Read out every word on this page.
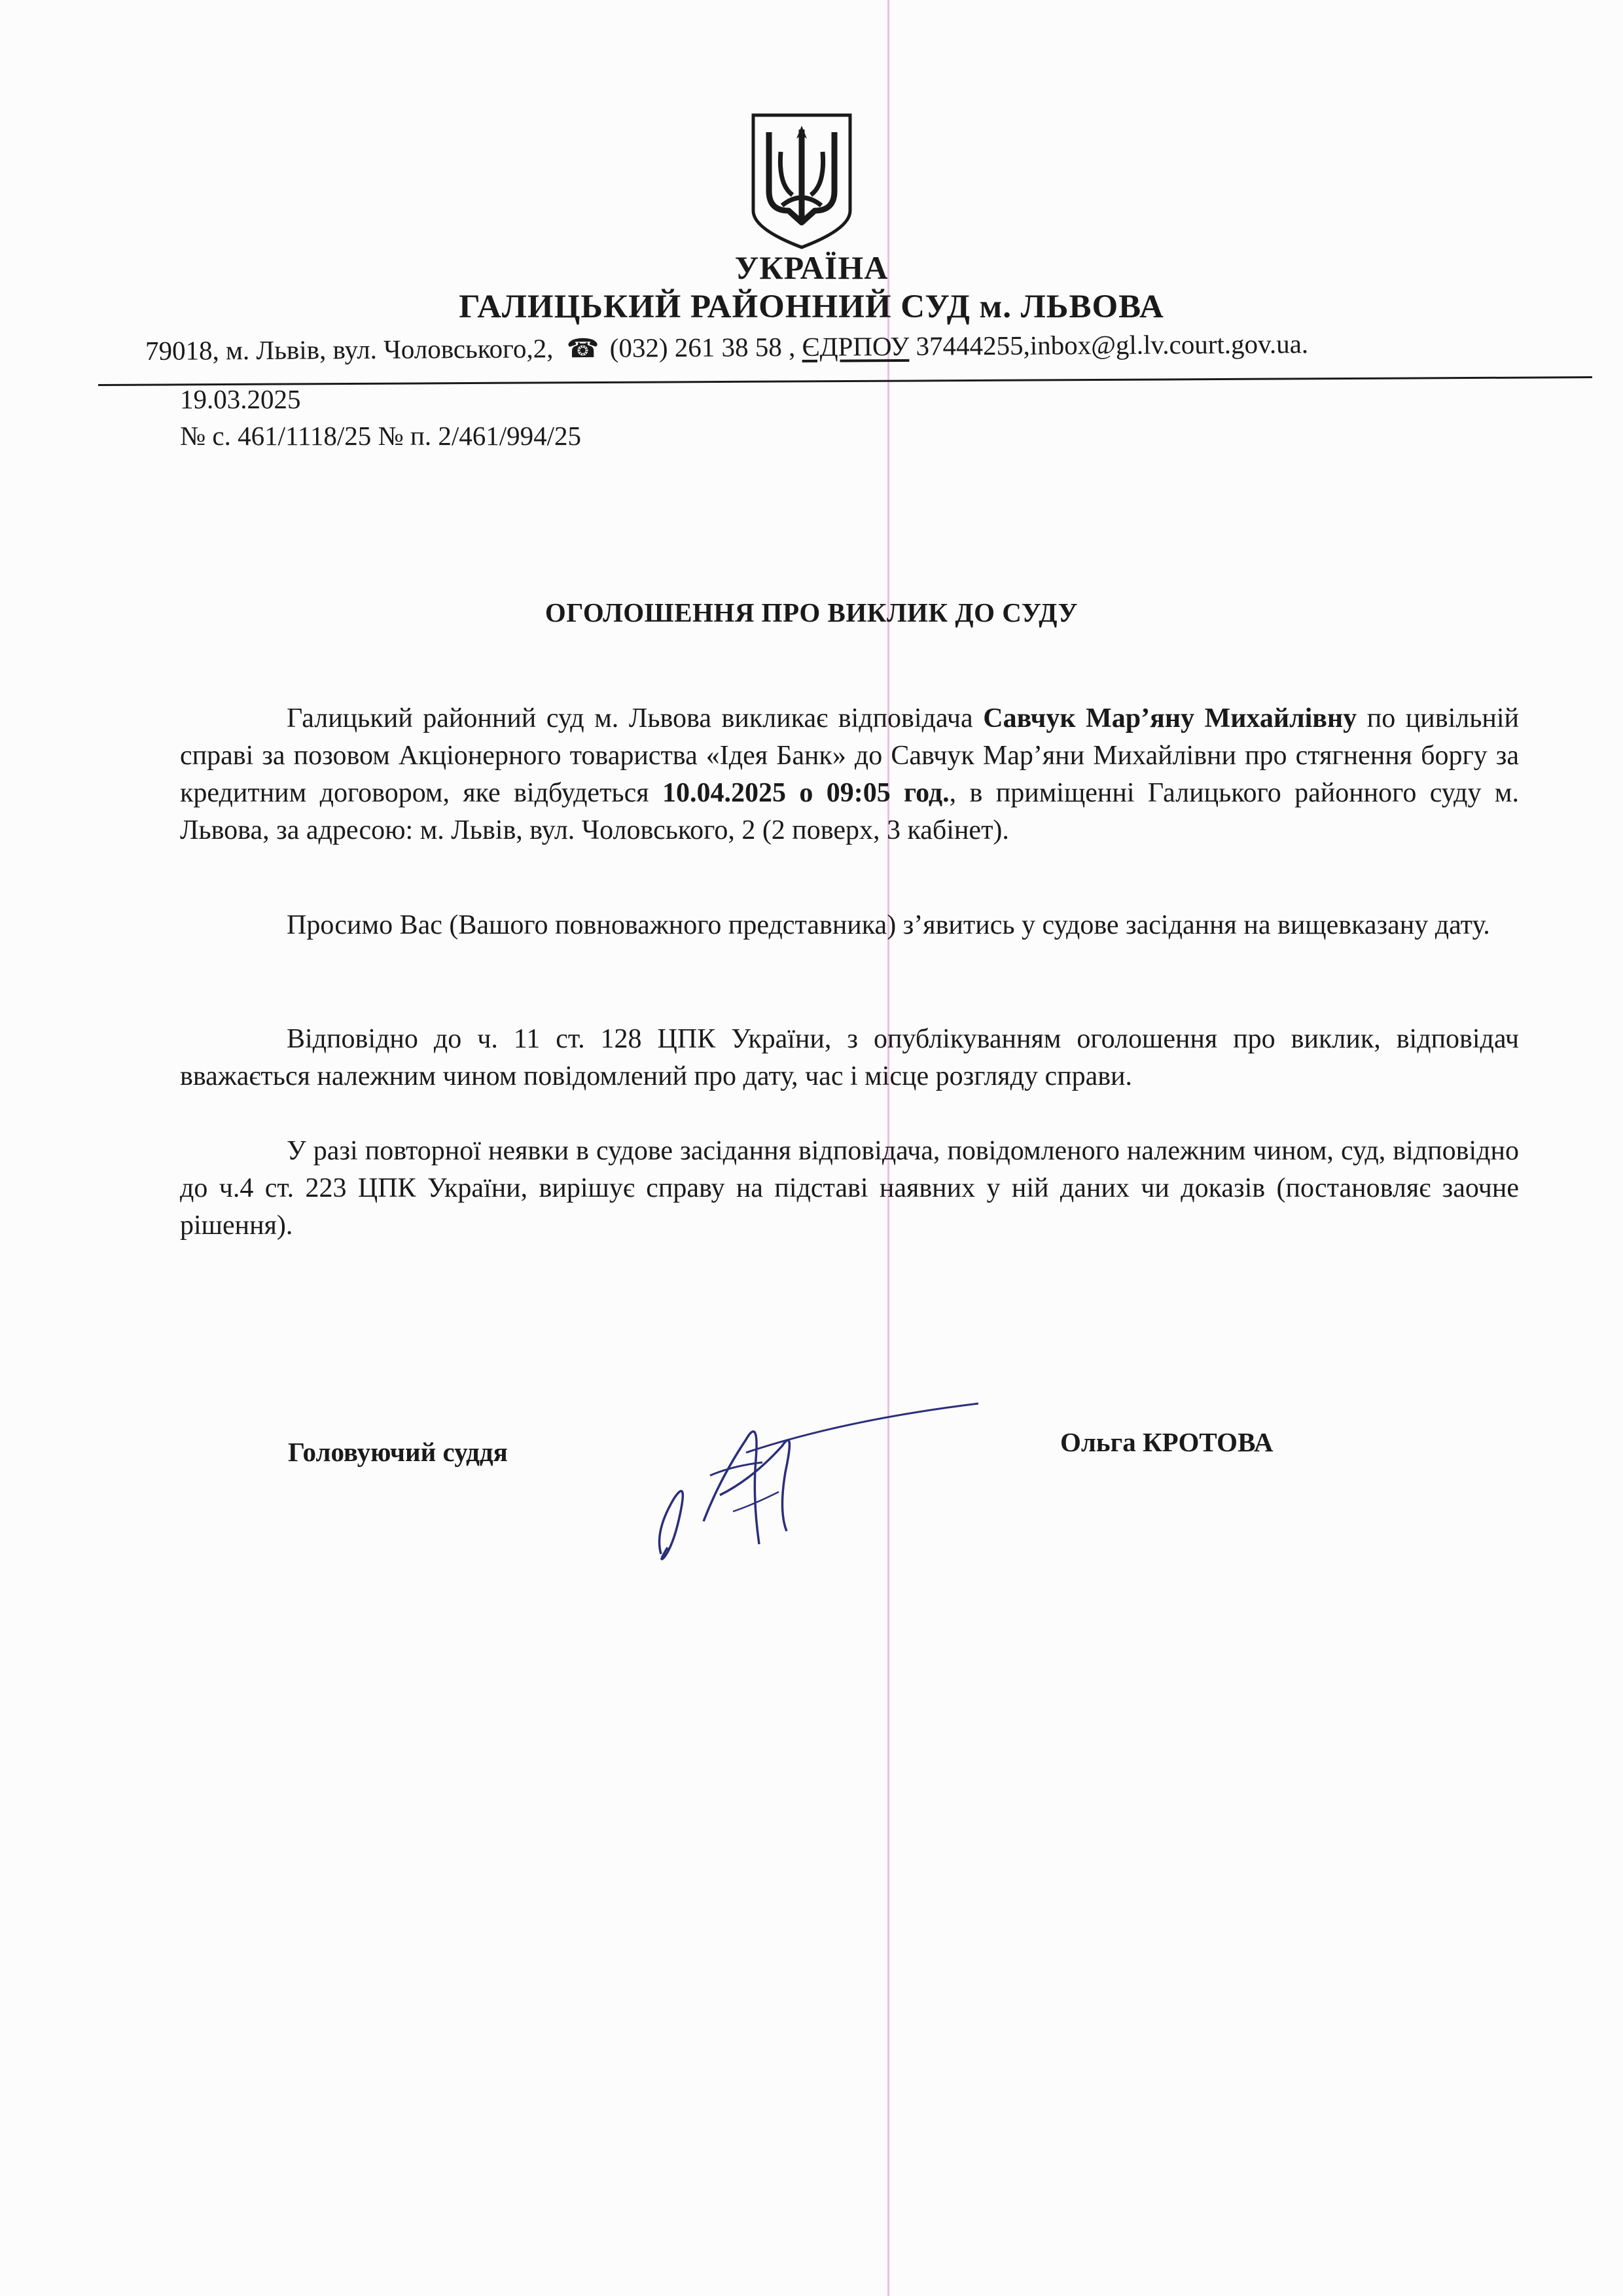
УКРАЇНА
ГАЛИЦЬКИЙ РАЙОННИЙ СУД м. ЛЬВОВА
79018, м. Львів, вул. Чоловського,2, ☎ (032) 261 38 58 , ЄДРПОУ 37444255,inbox@gl.lv.court.gov.ua.
19.03.2025
№ с. 461/1118/25 № п. 2/461/994/25
ОГОЛОШЕННЯ ПРО ВИКЛИК ДО СУДУ

Галицький районний суд м. Львова викликає відповідача Савчук Мар’яну Михайлівну по цивільній справі за позовом Акціонерного товариства «Ідея Банк» до Савчук Мар’яни Михайлівни про стягнення боргу за кредитним договором, яке відбудеться 10.04.2025 о 09:05 год., в приміщенні Галицького районного суду м. Львова, за адресою: м. Львів, вул. Чоловського, 2 (2 поверх, 3 кабінет).

Просимо Вас (Вашого повноважного представника) з’явитись у судове засідання на вищевказану дату.

Відповідно до ч. 11 ст. 128 ЦПК України, з опублікуванням оголошення про виклик, відповідач вважається належним чином повідомлений про дату, час і місце розгляду справи.

У разі повторної неявки в судове засідання відповідача, повідомленого належним чином, суд, відповідно до ч.4 ст. 223 ЦПК України, вирішує справу на підставі наявних у ній даних чи доказів (постановляє заочне рішення).

Головуючий суддя	Ольга КРОТОВА
